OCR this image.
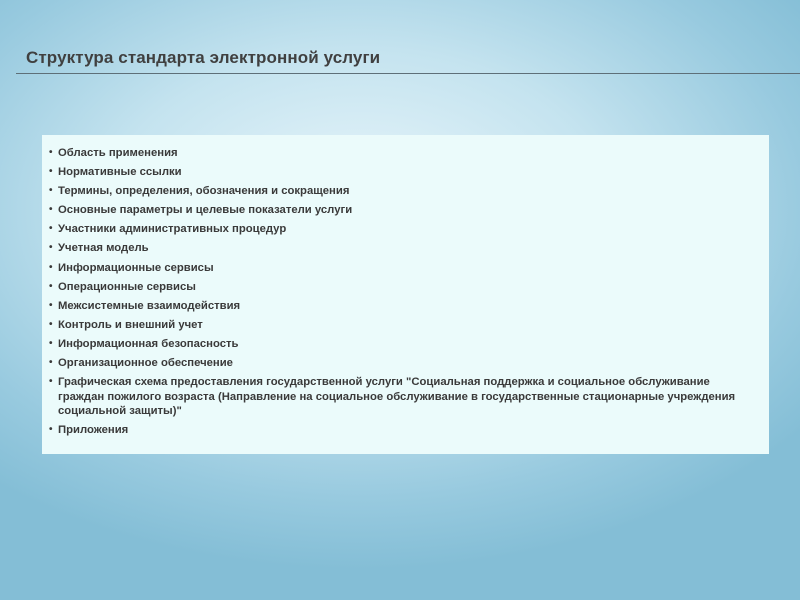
Структура стандарта электронной услуги
• Область применения
• Нормативные ссылки
• Термины, определения, обозначения и сокращения
• Основные параметры и целевые показатели услуги
• Участники административных процедур
• Учетная модель
• Информационные сервисы
• Операционные сервисы
• Межсистемные взаимодействия
• Контроль и внешний учет
• Информационная безопасность
• Организационное обеспечение
• Графическая схема предоставления государственной услуги "Социальная поддержка и социальное обслуживание граждан пожилого возраста (Направление на социальное обслуживание в государственные стационарные учреждения социальной защиты)"
• Приложения
